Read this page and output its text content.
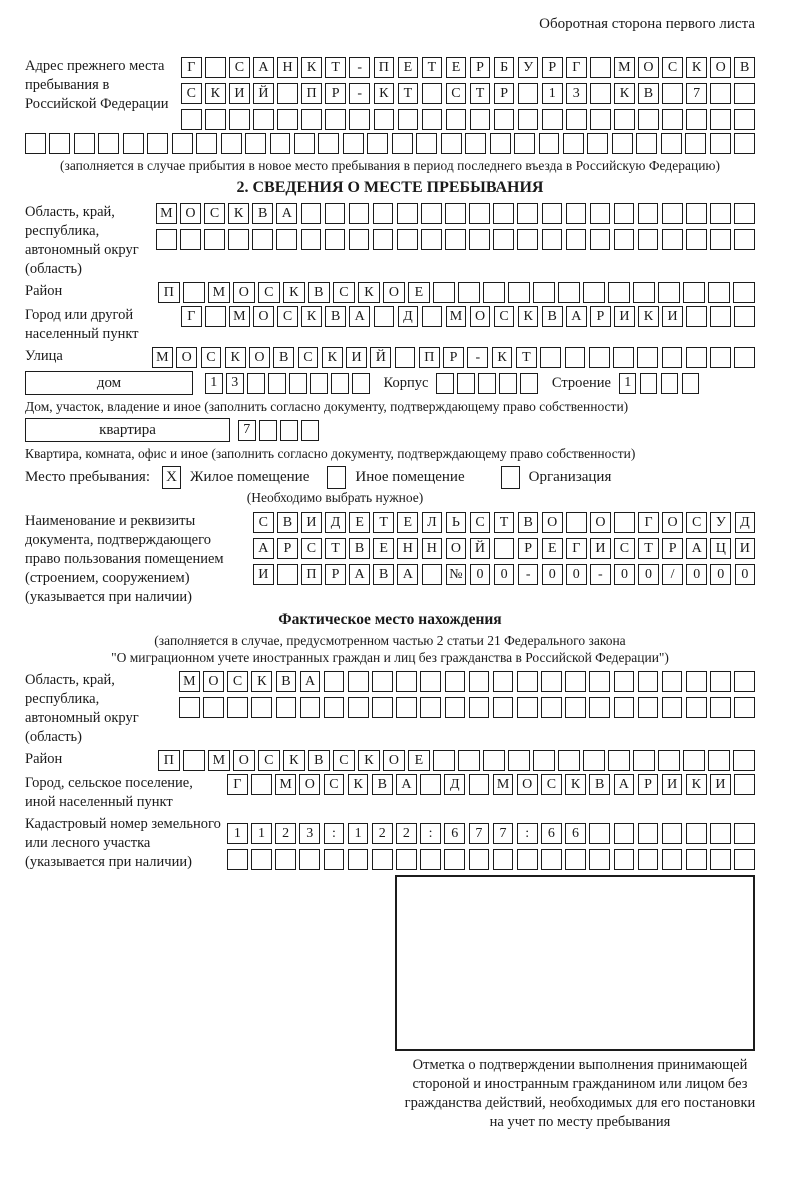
Оборотная сторона первого листа
Адрес прежнего места пребывания в Российской Федерации
Г	С	А Н	К	Т	-	П	Е	Т	Е	Р	Б	У	Р	Г	М О	С	К	О	В
С	К	И Й	П	Р	-	К	Т	С	Т	Р	1	3	К	В	7
(заполняется в случае прибытия в новое место пребывания в период последнего въезда в Российскую Федерацию)
2. СВЕДЕНИЯ О МЕСТЕ ПРЕБЫВАНИЯ
Область, край, республика, автономный округ (область)
М О	С	К	В	А
Район	П	М О	С	К	В	С	К	О	Е
Город или другой населенный пункт
Г	М О	С	К	В	А	Д	М О	С	К	В	А	Р	И	К	И
Улица	М О	С	К	О	В	С	К	И	Й	П	Р	-	К	Т
дом	1	3	Корпус	Строение 1
Дом, участок, владение и иное (заполнить согласно документу, подтверждающему право собственности)
квартира	7
Квартира, комната, офис и иное (заполнить согласно документу, подтверждающему право собственности)
Место пребывания: X Жилое помещение	Иное помещение	Организация
(Необходимо выбрать нужное)
Наименование и реквизиты документа, подтверждающего право пользования помещением (строением, сооружением) (указывается при наличии)
С	В	И	Д	Е	Т	Е	Л	Ь	С	Т	В	О	О	Г	О	С	У	Д
А	Р	С	Т	В	Е	Н Н О Й	Р	Е	Г	И	С	Т	Р	А Ц И
И	П	Р	А	В	А	№ 0	0	-	0	0	-	0	0	/	0	0	0
Фактическое место нахождения
(заполняется в случае, предусмотренном частью 2 статьи 21 Федерального закона
"О миграционном учете иностранных граждан и лиц без гражданства в Российской Федерации")
Область, край, республика, автономный округ (область)
М О	С	К	В	А
Район	П	М О	С	К	В	С	К	О	Е
Город, сельское поселение, иной населенный пункт
Г	М О	С	К	В	А	Д	М О	С	К	В	А	Р	И	К	И
Кадастровый номер земельного или лесного участка (указывается при наличии)
1	1	2	3	:	1	2	2	:	6	7	7	:	6	6
Отметка о подтверждении выполнения принимающей
стороной и иностранным гражданином или лицом без
гражданства действий, необходимых для его постановки
на учет по месту пребывания
